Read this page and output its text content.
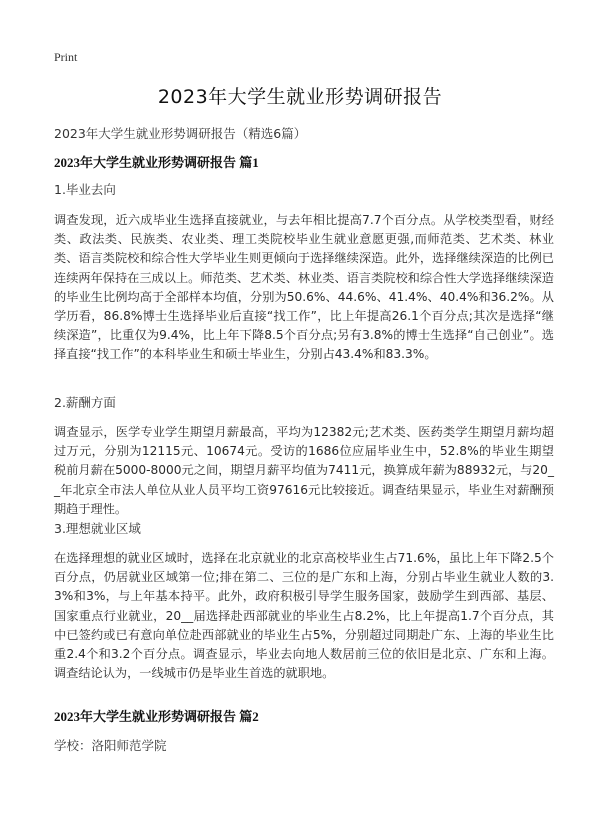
Print
2023年大学生就业形势调研报告
2023年大学生就业形势调研报告（精选6篇）
2023年大学生就业形势调研报告 篇1
1.毕业去向
调查发现，近六成毕业生选择直接就业，与去年相比提高7.7个百分点。从学校类型看，财经类、政法类、民族类、农业类、理工类院校毕业生就业意愿更强,而师范类、艺术类、林业类、语言类院校和综合性大学毕业生则更倾向于选择继续深造。此外，选择继续深造的比例已连续两年保持在三成以上。师范类、艺术类、林业类、语言类院校和综合性大学选择继续深造的毕业生比例均高于全部样本均值，分别为50.6%、44.6%、41.4%、40.4%和36.2%。从学历看，86.8%博士生选择毕业后直接“找工作”，比上年提高26.1个百分点;其次是选择“继续深造”，比重仅为9.4%，比上年下降8.5个百分点;另有3.8%的博士生选择“自己创业”。选择直接“找工作”的本科毕业生和硕士毕业生，分别占43.4%和83.3%。
2.薪酬方面
调查显示，医学专业学生期望月薪最高，平均为12382元;艺术类、医药类学生期望月薪均超过万元，分别为12115元、10674元。受访的1686位应届毕业生中，52.8%的毕业生期望税前月薪在5000-8000元之间，期望月薪平均值为7411元，换算成年薪为88932元，与20__年北京全市法人单位从业人员平均工资97616元比较接近。调查结果显示，毕业生对薪酬预期趋于理性。
3.理想就业区域
在选择理想的就业区域时，选择在北京就业的北京高校毕业生占71.6%，虽比上年下降2.5个百分点，仍居就业区域第一位;排在第二、三位的是广东和上海，分别占毕业生就业人数的3.3%和3%，与上年基本持平。此外，政府积极引导学生服务国家，鼓励学生到西部、基层、国家重点行业就业，20__届选择赴西部就业的毕业生占8.2%，比上年提高1.7个百分点，其中已签约或已有意向单位赴西部就业的毕业生占5%，分别超过同期赴广东、上海的毕业生比重2.4个和3.2个百分点。调查显示，毕业去向地人数居前三位的依旧是北京、广东和上海。调查结论认为，一线城市仍是毕业生首选的就职地。
2023年大学生就业形势调研报告 篇2
学校：洛阳师范学院
